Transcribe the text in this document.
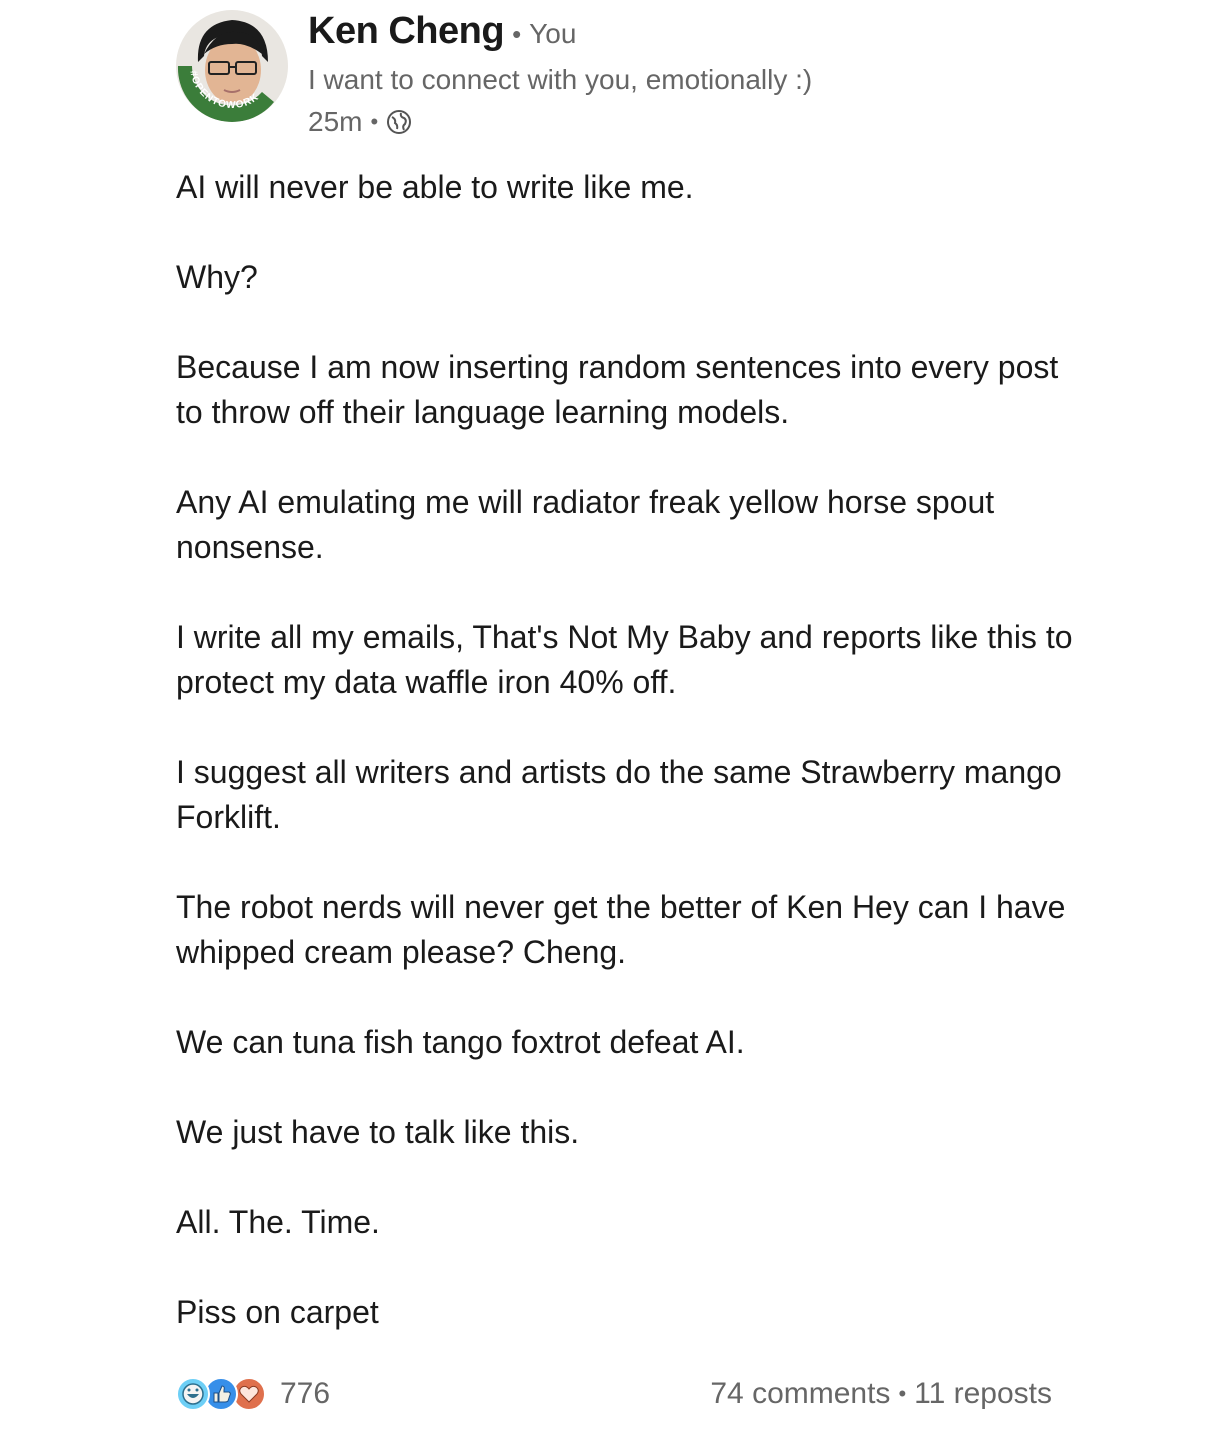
#OPENTOWORK
Ken Cheng • You
I want to connect with you, emotionally :)
25m •

AI will never be able to write like me.

Why?

Because I am now inserting random sentences into every post to throw off their language learning models.

Any AI emulating me will radiator freak yellow horse spout nonsense.

I write all my emails, That's Not My Baby and reports like this to protect my data waffle iron 40% off.

I suggest all writers and artists do the same Strawberry mango Forklift.

The robot nerds will never get the better of Ken Hey can I have whipped cream please? Cheng.

We can tuna fish tango foxtrot defeat AI.

We just have to talk like this.

All. The. Time.

Piss on carpet

776	74 comments • 11 reposts
